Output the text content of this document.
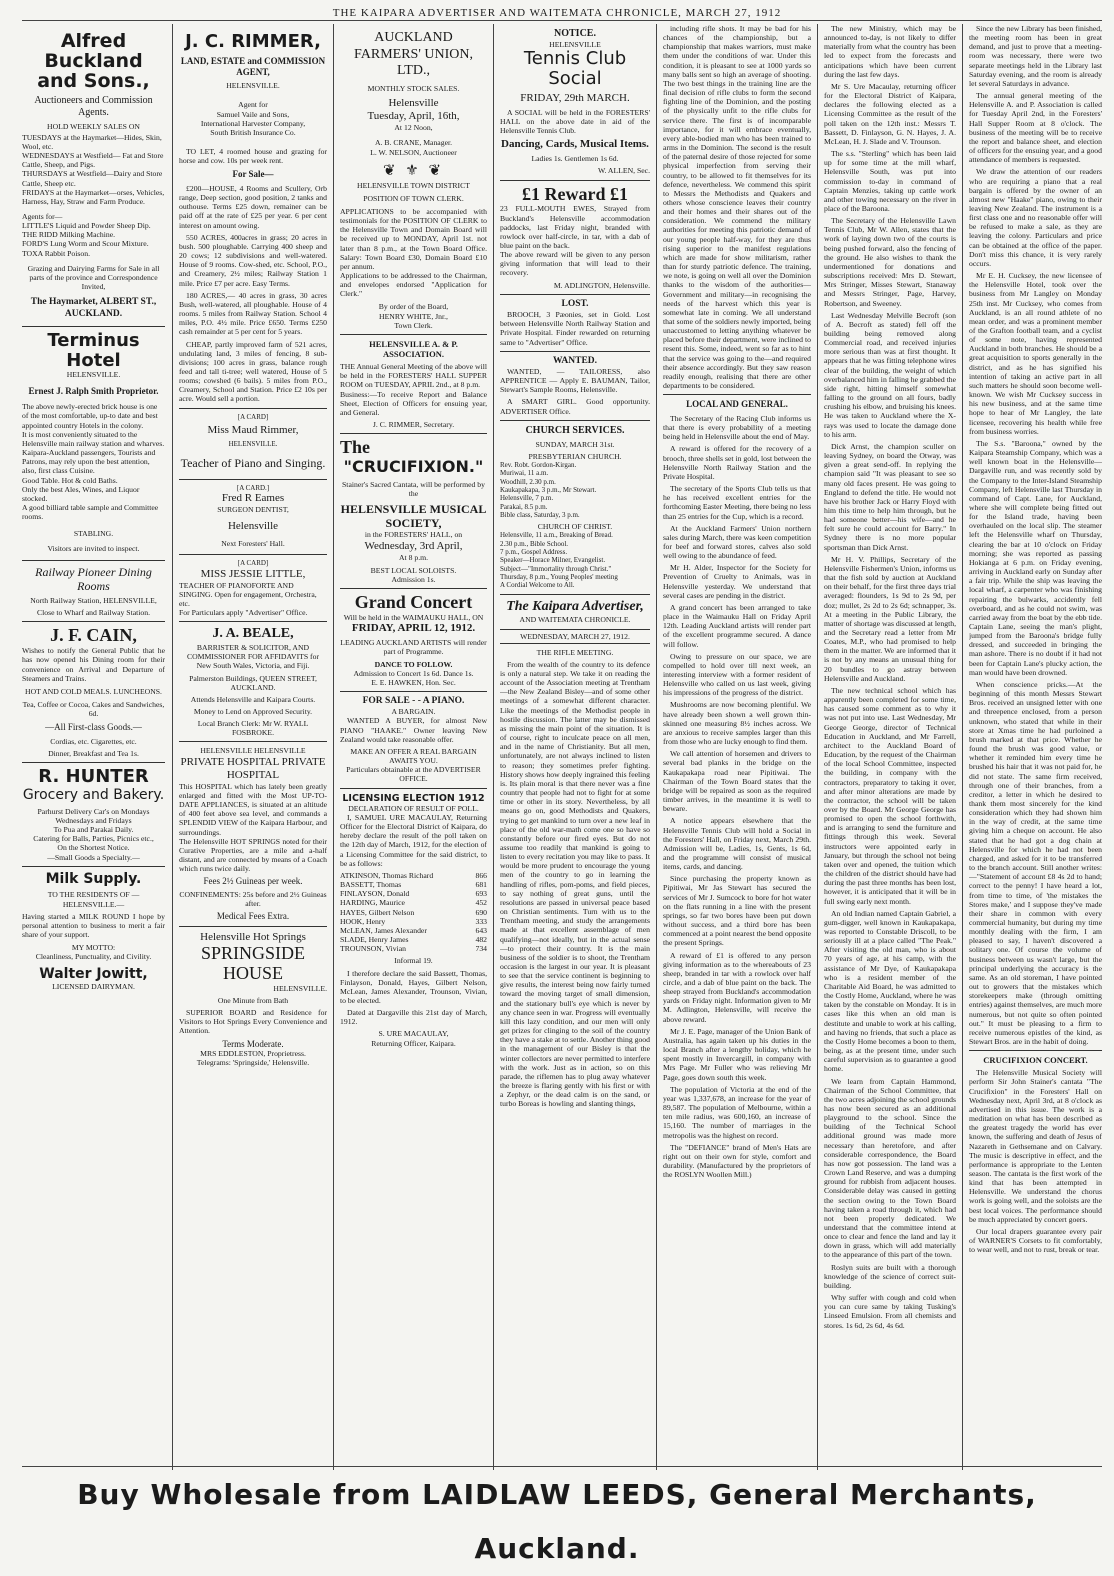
THE KAIPARA ADVERTISER AND WAITEMATA CHRONICLE, MARCH 27, 1912
Alfred Buckland and Sons.,
Auctioneers and Commission Agents.
HOLD WEEKLY SALES ON
TUESDAYS at the Haymarket—Hides, Skin, Wool, etc.
WEDNESDAYS at Westfield— Fat and Store Cattle, Sheep, and Pigs.
THURSDAYS at Westfield—Dairy and Store Cattle, Sheep etc.
FRIDAYS at the Haymarket—orses, Vehicles, Harness, Hay, Straw and Farm Produce.
Agents for—
LITTLE'S Liquid and Powder Sheep Dip.
THE RIDD Milking Machine.
FORD'S Lung Worm and Scour Mixture.
TOXA Rabbit Poison.
Grazing and Dairying Farms for Sale in all parts of the province and Correspondence Invited,
The Haymarket, ALBERT ST., AUCKLAND.
Terminus Hotel
HELENSVILLE.
Ernest J. Ralph Smith Proprietor.
The above newly-erected brick house is one of the most comfortable, up-to date and best appointed country Hotels in the colony.
It is most conveniently situated to the Helensville main railway station and wharves.
Kaipara-Auckland passengers, Tourists and Patrons, may rely upon the best attention, also, first class Cuisine.
Good Table. Hot & cold Baths.
Only the best Ales, Wines, and Liquor stocked.
A good billiard table sample and Committee rooms.
STABLING.
Visitors are invited to inspect.
Railway Pioneer Dining Rooms
North Railway Station, HELENSVILLE,
Close to Wharf and Railway Station.
J. F. CAIN,
Wishes to notify the General Public that he has now opened his Dining room for their convenience on Arrival and Departure of Steamers and Trains.
HOT AND COLD MEALS. LUNCHEONS.
Tea, Coffee or Cocoa, Cakes and Sandwiches, 6d.
—All First-class Goods.—
Cordias, etc. Cigarettes, etc.
Dinner, Breakfast and Tea 1s.
R. HUNTER
Grocery and Bakery.
Parhurst Delivery Car's on Mondays Wednesdays and Fridays
To Pua and Parakai Daily.
Catering for Balls, Parties, Picnics etc.,
On the Shortest Notice.
—Small Goods a Specialty.—
Milk Supply.
TO THE RESIDENTS OF —HELENSVILLE.—
Having started a MILK ROUND I hope by personal attention to business to merit a fair share of your support.
MY MOTTO:
Cleanliness, Punctuality, and Civility.
Walter Jowitt,
LICENSED DAIRYMAN.
J. C. RIMMER,
LAND, ESTATE and COMMISSION AGENT,
HELENSVILLE.
Agent for
Samuel Vaile and Sons,
International Harvester Company,
South British Insurance Co.

TO LET, 4 roomed house and grazing for horse and cow. 10s per week rent.

For Sale—

£200—HOUSE, 4 Rooms and Scullery, Orb range, Deep section, good position, 2 tanks and outhouse. Terms £25 down, remainer can be paid off at the rate of £25 per year. 6 per cent interest on amount owing.

550 ACRES, 400acres in grass; 20 acres in bush. 500 ploughable. Carrying 400 sheep and 20 cows; 12 subdivisions and well-watered. House of 9 rooms. Cow-shed, etc. School, P.O., and Creamery, 2½ miles; Railway Station 1 mile. Price £7 per acre. Easy Terms.

180 ACRES,— 40 acres in grass, 30 acres Bush, well-watered, all ploughable. House of 4 rooms. 5 miles from Railway Station. School 4 miles, P.O. 4½ mile. Price £650. Terms £250 cash remainder at 5 per cent for 5 years.

CHEAP, partly improved farm of 521 acres, undulating land, 3 miles of fencing, 8 sub-divisions; 100 acres in grass, balance rough feed and tall ti-tree; well watered, House of 5 rooms; cowshed (6 bails). 5 miles from P.O., Creamery, School and Station. Price £2 10s per acre. Would sell a portion.

[A CARD]
Miss Maud Rimmer,
HELENSVILLE.
Teacher of Piano and Singing.
[A CARD.]
Fred R Eames
SURGEON DENTIST,
Helensville
Next Foresters' Hall.
[A CARD]
MISS JESSIE LITTLE,
TEACHER OF PIANOFORTE AND SINGING. Open for engagement, Orchestra, etc.
For Particulars apply "Advertiser" Office.
J. A. BEALE,
BARRISTER & SOLICITOR, AND COMMISSIONER FOR AFFIDAVITS for New South Wales, Victoria, and Fiji.
Palmerston Buildings, QUEEN STREET, AUCKLAND.
Attends Helensville and Kaipara Courts.
Money to Lend on Approved Security.
Local Branch Clerk: Mr W. RYALL FOSBROKE.
HELENSVILLE HELENSVILLE
PRIVATE HOSPITAL PRIVATE HOSPITAL
This HOSPITAL which has lately been greatly enlarged and fitted with the Most UP-TO-DATE APPLIANCES, is situated at an altitude of 400 feet above sea level, and commands a SPLENDID VIEW of the Kaipara Harbour, and surroundings.
The Helensville HOT SPRINGS noted for their Curative Properties, are a mile and a-half distant, and are connected by means of a Coach which runs twice daily.
Fees 2½ Guineas per week.
CONFINEMENTS: 25s before and 2½ Guineas after.
Medical Fees Extra.
Helensville Hot Springs
SPRINGSIDE HOUSE
HELENSVILLE.
One Minute from Bath

SUPERIOR BOARD and Residence for Visitors to Hot Springs Every Convenience and Attention.

Terms Moderate.
MRS EDDLESTON, Proprietress.
Telegrams: 'Springside,' Helensville.
AUCKLAND FARMERS' UNION, LTD.,
MONTHLY STOCK SALES.
Helensville
Tuesday, April, 16th,
At 12 Noon,
A. B. CRANE, Manager.
L. W. NELSON, Auctioneer
❦ ⚜ ❦
HELENSVILLE TOWN DISTRICT
POSITION OF TOWN CLERK.
APPLICATIONS to be accompanied with testimonials for the POSITION OF CLERK to the Helensville Town and Domain Board will be received up to MONDAY, April 1st. not later than 8 p.m., at the Town Board Office. Salary: Town Board £30, Domain Board £10 per annum.
Applications to be addressed to the Chairman, and envelopes endorsed "Application for Clerk."
By order of the Board,
HENRY WHITE, Jnr.,
Town Clerk.
HELENSVILLE A. & P. ASSOCIATION.
THE Annual General Meeting of the above will be held in the FORESTERS' HALL SUPPER ROOM on TUESDAY, APRIL 2nd., at 8 p.m.
Business:—To receive Report and Balance Sheet, Election of Officers for ensuing year, and General.
J. C. RIMMER, Secretary.
The
"CRUCIFIXION."
Stainer's Sacred Cantata, will be performed by the
HELENSVILLE MUSICAL SOCIETY,
in the FORESTERS' HALL, on
Wednesday, 3rd April,
At 8 p.m.
BEST LOCAL SOLOISTS.
Admission 1s.
Grand Concert
Will be held in the WAIMAUKU HALL, ON
FRIDAY, APRIL 12, 1912.
LEADING AUCKLAND ARTISTS will render part of Programme.
DANCE TO FOLLOW.
Admission to Concert 1s 6d. Dance 1s.
E. E. HAWKEN, Hon. Sec.
FOR SALE - - A PIANO.
A BARGAIN.

WANTED A BUYER, for almost New PIANO "HAAKE." Owner leaving New Zealand would take reasonable offer.

MAKE AN OFFER A REAL BARGAIN AWAITS YOU.
Particulars obtainable at the ADVERTISER OFFICE.
LICENSING ELECTION 1912
DECLARATION OF RESULT OF POLL.

I, SAMUEL URE MACAULAY, Returning Officer for the Electoral District of Kaipara, do hereby declare the result of the poll taken on the 12th day of March, 1912, for the election of a Licensing Committee for the said district, to be as follows:

ATKINSON, Thomas Richard	866
BASSETT, Thomas	681
FINLAYSON, Donald	693
HARDING, Maurice	452
HAYES, Gilbert Nelson	690
HOOK, Henry	333
McLEAN, James Alexander	643
SLADE, Henry James	482
TROUNSON, Vivian	734
Informal 19.

I therefore declare the said Bassett, Thomas, Finlayson, Donald, Hayes, Gilbert Nelson, McLean, James Alexander, Trounson, Vivian, to be elected.

Dated at Dargaville this 21st day of March, 1912.

S. URE MACAULAY,
Returning Officer, Kaipara.
NOTICE.
HELENSVILLE
Tennis Club Social
FRIDAY, 29th MARCH.

A SOCIAL will be held in the FORESTERS' HALL on the above date in aid of the Helensville Tennis Club.

Dancing, Cards, Musical Items.
Ladies 1s. Gentlemen 1s 6d.
W. ALLEN, Sec.
£1 Reward £1
23 FULL-MOUTH EWES, Strayed from Buckland's Helensville accommodation paddocks, last Friday night, branded with rowlock over half-circle, in tar, with a dab of blue paint on the back.
The above reward will be given to any person giving information that will lead to their recovery.
M. ADLINGTON, Helensville.
LOST.

BROOCH, 3 Pæonies, set in Gold. Lost between Helensville North Railway Station and Private Hospital. Finder rewarded on returning same to "Advertiser" Office.

WANTED.

WANTED, — TAILORESS, also APPRENTICE — Apply E. BAUMAN, Tailor, Stewart's Sample Rooms, Helensville.

A SMART GIRL. Good opportunity. ADVERTISER Office.

CHURCH SERVICES.
SUNDAY, MARCH 31st.
PRESBYTERIAN CHURCH.
Rev. Robt. Gordon-Kirgan.
Muriwai, 11 a.m.
Woodhill, 2.30 p.m.
Kaukapakapa, 3 p.m., Mr Stewart.
Helensville, 7 p.m.
Parakai, 8.5 p.m.
Bible class, Saturday, 3 p.m.
CHURCH OF CHRIST.
Helensville, 11 a.m., Breaking of Bread.
2.30 p.m., Bible School.
7 p.m., Gospel Address.
Speaker—Horace Milner, Evangelist.
Subject—"Immortality through Christ."
Thursday, 8 p.m., Young Peoples' meeting
A Cordial Welcome to All.
The Kaipara Advertiser,
AND WAITEMATA CHRONICLE.
WEDNESDAY, MARCH 27, 1912.
THE RIFLE MEETING.

From the wealth of the country to its defence is only a natural step. We take it on reading the account of the Association meeting at Trentham—the New Zealand Bisley—and of some other meetings of a somewhat different character. Like the meetings of the Methodist people in hostile discussion. The latter may be dismissed as missing the main point of the situation. It is of course, right to inculcate peace on all men, and in the name of Christianity. But all men, unfortunately, are not always inclined to listen to reason; they sometimes prefer fighting. History shows how deeply ingrained this feeling is. Its plain moral is that there never was a fine country that people had not to fight for at some time or other in its story. Nevertheless, by all means go on, good Methodists and Quakers, trying to get mankind to turn over a new leaf in place of the old war-math come one so have so constantly before our fired eyes. But do not assume too readily that mankind is going to listen to every recitation you may like to pass. It would be more prudent to encourage the young men of the country to go in learning the handling of rifles, pom-poms, and field pieces, to say nothing of great guns, until the resolutions are passed in universal peace based on Christian sentiments. Turn with us to the Trentham meeting, and study the arrangements made at that excellent assemblage of men qualifying—not ideally, but in the actual sense—to protect their country. It is the main business of the soldier is to shoot, the Trentham occasion is the largest in our year. It is pleasant to see that the service continent is beginning to give results, the interest being now fairly turned toward the moving target of small dimension, and the stationary bull's eye which is never by any chance seen in war. Progress will eventually kill this lazy condition, and our men will only get prizes for clinging to the soil of the country they have a stake at to settle. Another thing good in the management of our Bisley is that the winter collectors are never permitted to interfere with the work. Just as in action, so on this parade, the riflemen has to plug away whatever the breeze is flaring gently with his first or with a Zephyr, or the dead calm is on the sand, or turbo Boreas is howling and slanting things,

including rifle shots. It may be bad for his chances of the championship, but a championship that makes warriors, must make them under the conditions of war. Under this condition, it is pleasant to see at 1000 yards so many balls sent so high an average of shooting. The two best things in the training line are the final decision of rifle clubs to form the second fighting line of the Dominion, and the posting of the physically unfit to the rifle clubs for service there. The first is of incomparable importance, for it will embrace eventually, every able-bodied man who has been trained to arms in the Dominion. The second is the result of the paternal desire of those rejected for some physical imperfection from serving their country, to be allowed to fit themselves for its defence, nevertheless. We commend this spirit to Messrs the Methodists and Quakers and others whose conscience leaves their country and their homes and their shares out of the consideration. We commend the military authorities for meeting this patriotic demand of our young people half-way, for they are thus rising superior to the manifest regulations which are made for show militarism, rather than for sturdy patriotic defence. The training, we note, is going on well all over the Dominion thanks to the wisdom of the authorities—Government and military—in recognising the needs of the harvest which this year is somewhat late in coming. We all understand that some of the soldiers newly imported, being unaccustomed to letting anything whatever be placed before their department, were inclined to resent this. Some, indeed, went so far as to hint that the service was going to the—and required their absence accordingly. But they saw reason readily enough, realising that there are other departments to be considered.

LOCAL AND GENERAL.

The Secretary of the Racing Club informs us that there is every probability of a meeting being held in Helensville about the end of May.

A reward is offered for the recovery of a brooch, three shells set in gold, lost between the Helensville North Railway Station and the Private Hospital.

The secretary of the Sports Club tells us that he has received excellent entries for the forthcoming Easter Meeting, there being no less than 25 entries for the Cup, which is a record.

At the Auckland Farmers' Union northern sales during March, there was keen competition for beef and forward stores, calves also sold well owing to the abundance of feed.

Mr H. Alder, Inspector for the Society for Prevention of Cruelty to Animals, was in Helensville yesterday. We understand that several cases are pending in the district.

A grand concert has been arranged to take place in the Waimauku Hall on Friday April 12th. Leading Auckland artists will render part of the excellent programme secured. A dance will follow.

Owing to pressure on our space, we are compelled to hold over till next week, an interesting interview with a former resident of Helensville who called on us last week, giving his impressions of the progress of the district.

Mushrooms are now becoming plentiful. We have already been shown a well grown thin-skinned one measuring 8½ inches across. We are anxious to receive samples larger than this from those who are lucky enough to find them.

We call attention of horsemen and drivers to several bad planks in the bridge on the Kaukapakapa road near Pipitiwai. The Chairman of the Town Board states that the bridge will be repaired as soon as the required timber arrives, in the meantime it is well to beware.

A notice appears elsewhere that the Helensville Tennis Club will hold a Social in the Foresters' Hall, on Friday next, March 29th. Admission will be, Ladies, 1s, Gents, 1s 6d, and the programme will consist of musical items, cards, and dancing.

Since purchasing the property known as Pipitiwai, Mr Jas Stewart has secured the services of Mr J. Sumcock to bore for hot water on the flats running in a line with the present springs, so far two bores have been put down without success, and a third bore has been commenced at a point nearest the bend opposite the present Springs.

A reward of £1 is offered to any person giving information as to the whereabouts of 23 sheep, branded in tar with a rowlock over half circle, and a dab of blue paint on the back. The sheep strayed from Buckland's accommodation yards on Friday night. Information given to Mr M. Adlington, Helensville, will receive the above reward.

Mr J. E. Page, manager of the Union Bank of Australia, has again taken up his duties in the local Branch after a lengthy holiday, which he spent mostly in Invercargill, in company with Mrs Page. Mr Fuller who was relieving Mr Page, goes down south this week.

The population of Victoria at the end of the year was 1,337,678, an increase for the year of 89,587. The population of Melbourne, within a ten mile radius, was 600,160, an increase of 15,160. The number of marriages in the metropolis was the highest on record.

The "DEFIANCE" brand of Men's Hats are right out on their own for style, comfort and durability. (Manufactured by the proprietors of the ROSLYN Woollen Mill.)

The new Ministry, which may be announced to-day, is not likely to differ materially from what the country has been led to expect from the forecasts and anticipations which have been current during the last few days.

Mr S. Ure Macaulay, returning officer for the Electoral District of Kaipara, declares the following elected as a Licensing Committee as the result of the poll taken on the 12th inst.: Messrs T. Bassett, D. Finlayson, G. N. Hayes, J. A. McLean, H. J. Slade and V. Trounson.

The s.s. "Sterling" which has been laid up for some time at the mill wharf, Helensville South, was put into commission to-day in command of Captain Menzies, taking up cattle work and other towing necessary on the river in place of the Baroona.

The Secretary of the Helensville Lawn Tennis Club, Mr W. Allen, states that the work of laying down two of the courts is being pushed forward, also the fencing of the ground. He also wishes to thank the undermentioned for donations and subscriptions received: Mrs D. Stewart, Mrs Stringer, Misses Stewart, Stanaway and Messrs Stringer, Page, Harvey, Robertson, and Sweeney.

Last Wednesday Melville Becroft (son of A. Becroft as stated) fell off the building being removed along Commercial road, and received injuries more serious than was at first thought. It appears that he was fitting telephone wires clear of the building, the weight of which overbalanced him in falling he grabbed the side right, hitting himself somewhat falling to the ground on all fours, badly crushing his elbow, and bruising his knees. He was taken to Auckland where the X-rays was used to locate the damage done to his arm.

Dick Arnst, the champion sculler on leaving Sydney, on board the Otway, was given a great send-off. In replying the champion said "It was pleasant to see so many old faces present. He was going to England to defend the title. He would not have his brother Jack or Harry Floyd with him this time to help him through, but he had someone better—his wife—and he felt sure he could account for Barry." In Sydney there is no more popular sportsman than Dick Arnst.

Mr H. V. Phillips, Secretary of the Helensville Fishermen's Union, informs us that the fish sold by auction at Auckland on their behalf, for the first three days trial averaged: flounders, 1s 9d to 2s 9d, per doz; mullet, 2s 2d to 2s 6d; schnapper, 3s. At a meeting in the Public Library, the matter of shortage was discussed at length, and the Secretary read a letter from Mr Coates, M.P., who had promised to help them in the matter. We are informed that it is not by any means an unusual thing for 20 bundles to go astray between Helensville and Auckland.

The new technical school which has apparently been completed for some time, has caused some comment as to why it was not put into use. Last Wednesday, Mr George George, director of Technical Education in Auckland, and Mr Farrell, architect to the Auckland Board of Education, by the request of the Chairman of the local School Committee, inspected the building, in company with the contractors, preparatory to taking it over, and after minor alterations are made by the contractor, the school will be taken over by the Board. Mr George George has promised to open the school forthwith, and is arranging to send the furniture and fittings through this week. Several instructors were appointed early in January, but through the school not being taken over and opened, the tuition which the children of the district should have had during the past three months has been lost, however, it is anticipated that it will be in full swing early next month.

An old Indian named Captain Gabriel, a gum-digger, well known in Kaukapakapa, was reported to Constable Driscoll, to be seriously ill at a place called "The Peak." After visiting the old man, who is about 70 years of age, at his camp, with the assistance of Mr Dye, of Kaukapakapa who is a resident member of the Charitable Aid Board, he was admitted to the Costly Home, Auckland, where he was taken by the constable on Monday. It is in cases like this when an old man is destitute and unable to work at his calling, and having no friends, that such a place as the Costly Home becomes a boon to them, being, as at the present time, under such careful supervision as to guarantee a good home.

We learn from Captain Hammond, Chairman of the School Committee, that the two acres adjoining the school grounds has now been secured as an additional playground to the school. Since the building of the Technical School additional ground was made more necessary than heretofore, and after considerable correspondence, the Board has now got possession. The land was a Crown Land Reserve, and was a dumping ground for rubbish from adjacent houses. Considerable delay was caused in getting the section owing to the Town Board having taken a road through it, which had not been properly dedicated. We understand that the committee intend at once to clear and fence the land and lay it down in grass, which will add materially to the appearance of this part of the town.

Roslyn suits are built with a thorough knowledge of the science of correct suit-building.

Why suffer with cough and cold when you can cure same by taking Tusking's Linseed Emulsion. From all chemists and stores. 1s 6d, 2s 6d, 4s 6d.

Since the new Library has been finished, the meeting room has been in great demand, and just to prove that a meeting-room was necessary, there were two separate meetings held in the Library last Saturday evening, and the room is already let several Saturdays in advance.

The annual general meeting of the Helensville A. and P. Association is called for Tuesday April 2nd, in the Foresters' Hall Supper Room at 8 o'clock. The business of the meeting will be to receive the report and balance sheet, and election of officers for the ensuing year, and a good attendance of members is requested.

We draw the attention of our readers who are requiring a piano that a real bargain is offered by the owner of an almost new "Haake" piano, owing to their leaving New Zealand. The instrument is a first class one and no reasonable offer will be refused to make a sale, as they are leaving the colony. Particulars and price can be obtained at the office of the paper. Don't miss this chance, it is very rarely occurs.

Mr E. H. Cucksey, the new licensee of the Helensville Hotel, took over the business from Mr Langley on Monday 25th inst. Mr Cucksey, who comes from Auckland, is an all round athlete of no mean order, and was a prominent member of the Grafton football team, and a cyclist of some note, having represented Auckland in both branches. He should be a great acquisition to sports generally in the district, and as he has signified his intention of taking an active part in all such matters he should soon become well-known. We wish Mr Cucksey success in his new business, and at the same time hope to hear of Mr Langley, the late licensee, recovering his health while free from business worries.

The S.s. "Baroona," owned by the Kaipara Steamship Company, which was a well known boat in the Helensville—Dargaville run, and was recently sold by the Company to the Inter-Island Steamship Company, left Helensville last Thursday in command of Capt. Lane, for Auckland, where she will complete being fitted out for the Island trade, having been overhauled on the local slip. The steamer left the Helensville wharf on Thursday, clearing the bar at 10 o'clock on Friday morning; she was reported as passing Hokianga at 6 p.m. on Friday evening, arriving in Auckland early on Sunday after a fair trip. While the ship was leaving the local wharf, a carpenter who was finishing repairing the bulwarks, accidently fell overboard, and as he could not swim, was carried away from the boat by the ebb tide. Captain Lane, seeing the man's plight, jumped from the Baroona's bridge fully dressed, and succeeded in bringing the man ashore. There is no doubt if it had not been for Captain Lane's plucky action, the man would have been drowned.

When conscience pricks.—At the beginning of this month Messrs Stewart Bros. received an unsigned letter with one and threepence enclosed, from a person unknown, who stated that while in their store at Xmas time he had purloined a brush marked at that price. Whether he found the brush was good value, or whether it reminded him every time he brushed his hair that it was not paid for, he did not state. The same firm received, through one of their branches, from a creditor, a letter in which he desired to thank them most sincerely for the kind consideration which they had shown him in the way of credit, at the same time giving him a cheque on account. He also stated that he had got a dog chain at Helensville for which he had not been charged, and asked for it to be transferred to the branch account. Still another writes:—"Statement of account £8 4s 2d to hand; correct to the penny! I have heard a lot, from time to time, of 'the mistakes the Stores make,' and I suppose they've made their share in common with every commercial humanity, but during my time monthly dealing with the firm, I am pleased to say, I haven't discovered a solitary one. Of course the volume of business between us wasn't large, but the principal underlying the accuracy is the same. As an old storeman, I have pointed out to growers that the mistakes which storekeepers make (through omitting entries) against themselves, are much more numerous, but not quite so often pointed out." It must be pleasing to a firm to receive numerous epistles of the kind, as Stewart Bros. are in the habit of doing.

CRUCIFIXION CONCERT.

The Helensville Musical Society will perform Sir John Stainer's cantata "The Crucifixion" in the Foresters' Hall on Wednesday next, April 3rd, at 8 o'clock as advertised in this issue. The work is a meditation on what has been described as the greatest tragedy the world has ever known, the suffering and death of Jesus of Nazareth in Gethsemane and on Calvary. The music is descriptive in effect, and the performance is appropriate to the Lenten season. The cantata is the first work of the kind that has been attempted in Helensville. We understand the chorus work is going well, and the soloists are the best local voices. The performance should be much appreciated by concert goers.

Our local drapers guarantee every pair of WARNER'S Corsets to fit comfortably, to wear well, and not to rust, break or tear.

Buy Wholesale from LAIDLAW LEEDS, General Merchants, Auckland.
